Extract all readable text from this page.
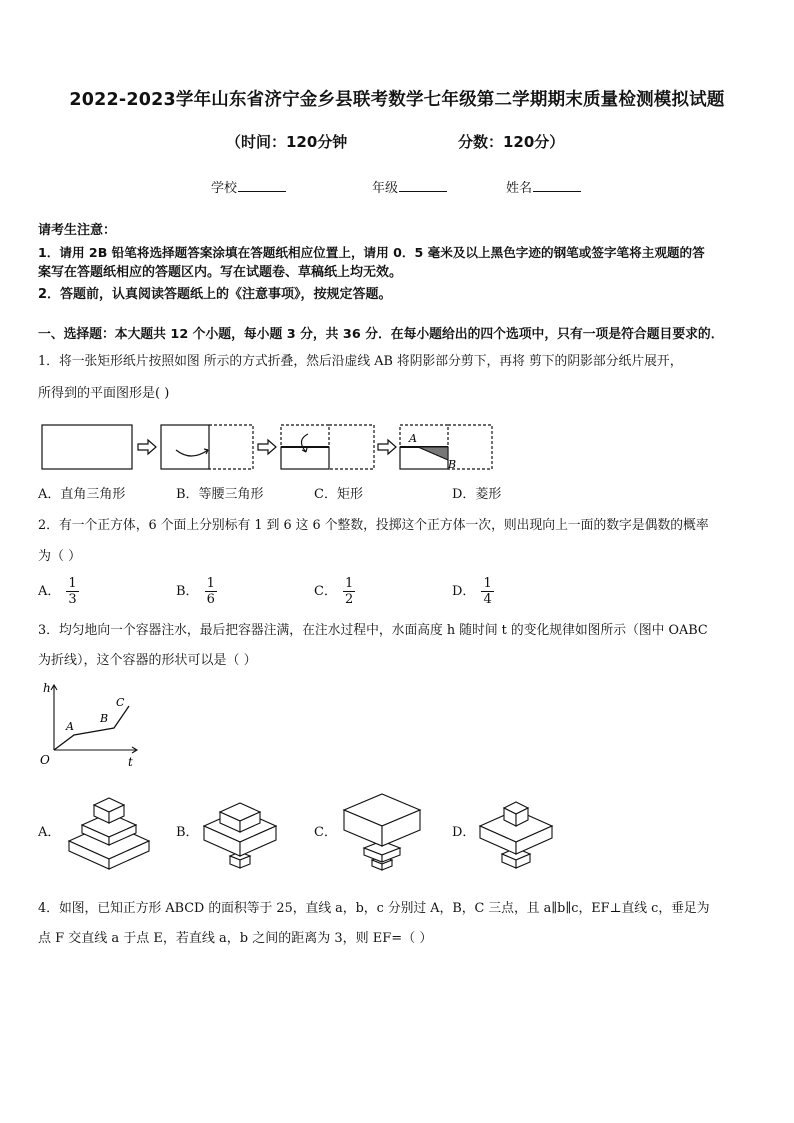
2022-2023学年山东省济宁金乡县联考数学七年级第二学期期末质量检测模拟试题
（时间：120分钟	分数：120分）
学校	年级	姓名
请考生注意：
1．请用 2B 铅笔将选择题答案涂填在答题纸相应位置上，请用 0．5 毫米及以上黑色字迹的钢笔或签字笔将主观题的答
案写在答题纸相应的答题区内。写在试题卷、草稿纸上均无效。
2．答题前，认真阅读答题纸上的《注意事项》，按规定答题。
一、选择题：本大题共 12 个小题，每小题 3 分，共 36 分．在每小题给出的四个选项中，只有一项是符合题目要求的．
1．将一张矩形纸片按照如图 所示的方式折叠，然后沿虚线 AB 将阴影部分剪下，再将 剪下的阴影部分纸片展开，
所得到的平面图形是( )
A
B
A．直角三角形	B．等腰三角形	C．矩形	D．菱形
2．有一个正方体，6 个面上分别标有 1 到 6 这 6 个整数，投掷这个正方体一次，则出现向上一面的数字是偶数的概率
为（ ）
A． $\frac{1}{3}$	B． $\frac{1}{6}$	C． $\frac{1}{2}$	D． $\frac{1}{4}$
3．均匀地向一个容器注水，最后把容器注满，在注水过程中，水面高度 h 随时间 t 的变化规律如图所示（图中 OABC
为折线），这个容器的形状可以是（ ）
h
t
O
A
B
C
A．	B．	C．	D．
4．如图，已知正方形 ABCD 的面积等于 25，直线 a，b，c 分别过 A，B，C 三点，且 a∥b∥c，EF⊥直线 c，垂足为
点 F 交直线 a 于点 E，若直线 a，b 之间的距离为 3，则 EF=（ ）
